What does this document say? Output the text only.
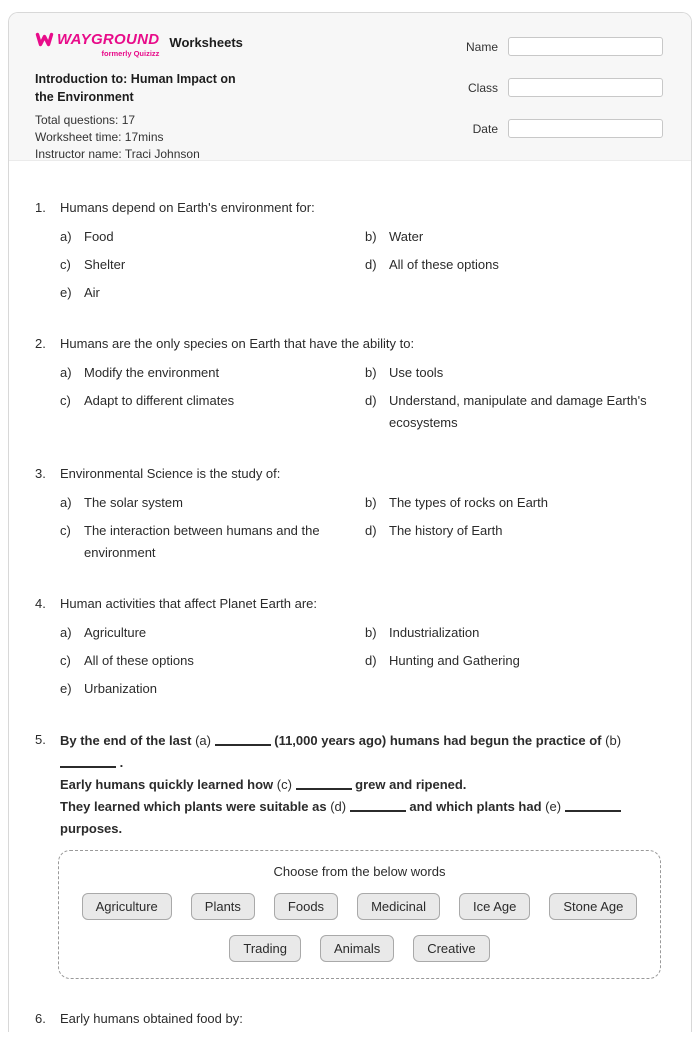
WAYGROUND
formerly Quizizz
Worksheets
Introduction to: Human Impact on the Environment
Total questions: 17
Worksheet time: 17mins
Instructor name: Traci Johnson
Name
Class
Date
1.	Humans depend on Earth's environment for:
a) Food	b) Water
c)	Shelter	d) All of these options
e) Air
2.	Humans are the only species on Earth that have the ability to:
a) Modify the environment	b) Use tools
c)	Adapt to different climates	d) Understand, manipulate and damage Earth's ecosystems
3.	Environmental Science is the study of:
a) The solar system	b) The types of rocks on Earth
c)	The interaction between humans and the environment
d) The history of Earth
4.	Human activities that affect Planet Earth are:
a) Agriculture	b) Industrialization
c)	All of these options	d) Hunting and Gathering
e) Urbanization
5.	By the end of the last (a)	(11,000 years ago) humans had begun the practice of (b)  .
Early humans quickly learned how (c)	grew and ripened.
They learned which plants were suitable as (d)	and which plants had (e)  purposes.
Choose from the below words
Agriculture	Plants	Foods	Medicinal	Ice Age	Stone Age
Trading	Animals	Creative
6.	Early humans obtained food by:
